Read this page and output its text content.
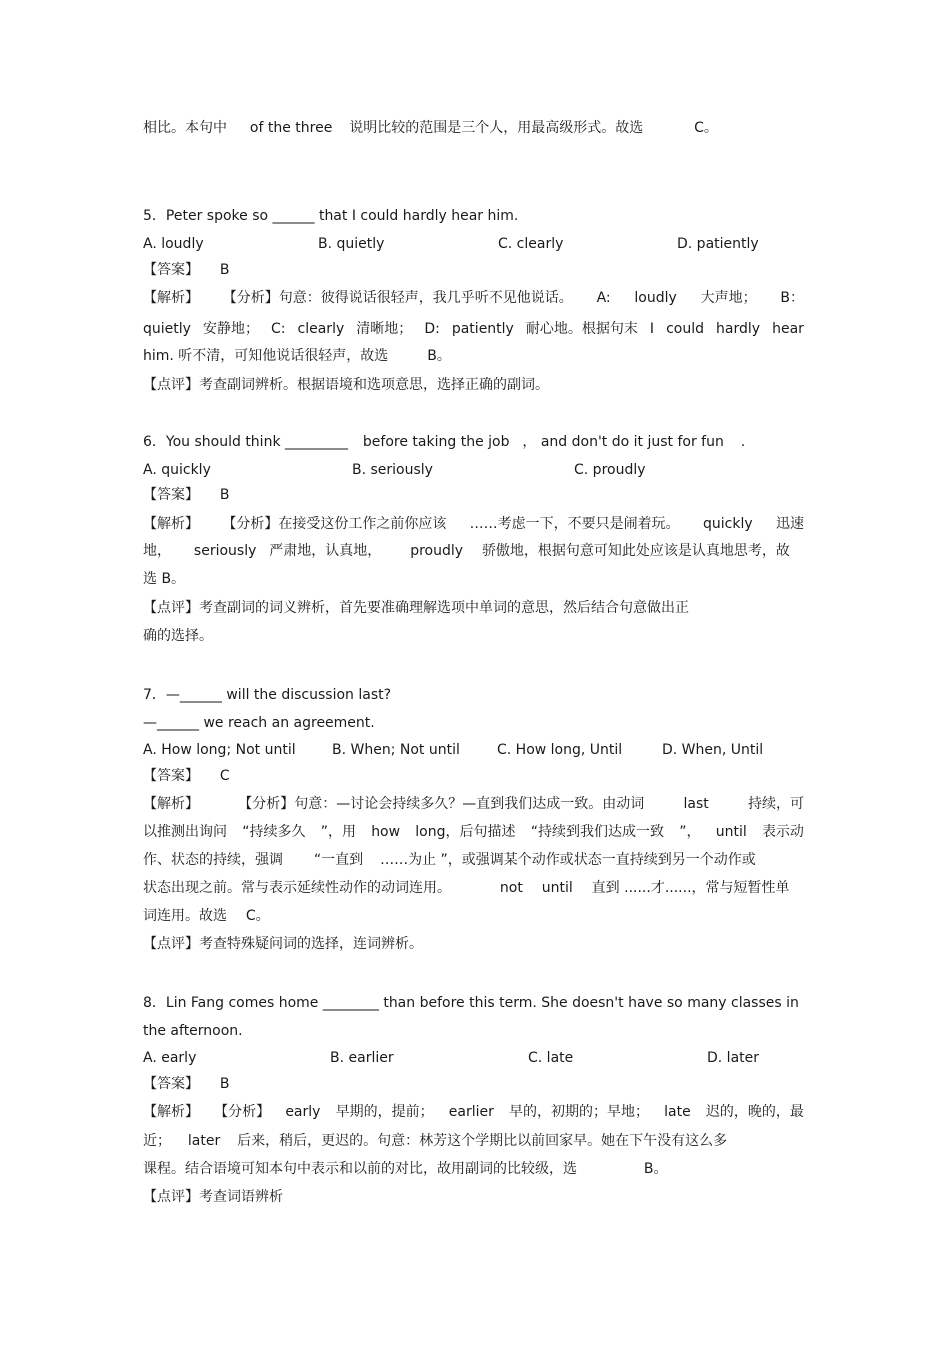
相比。本句中 of the three 说明比较的范围是三个人，用最高级形式。故选	C。
5．Peter spoke so ______ that I could hardly hear him.
A. loudly	B. quietly	C. clearly	D. patiently
【答案】 B
【解析】 【分析】句意：彼得说话很轻声，我几乎听不见他说话。 A: loudly 大声地； B：
quietly 安静地； C: clearly 清晰地； D: patiently 耐心地。根据句末 I could hardly hear
him. 听不清，可知他说话很轻声，故选	B。
【点评】考查副词辨析。根据语境和选项意思，选择正确的副词。
6．You should think _________ before taking the job ， and don't do it just for fun .
A. quickly	B. seriously	C. proudly
【答案】 B
【解析】 【分析】在接受这份工作之前你应该 ……考虑一下，不要只是闹着玩。 quickly 迅速
地， seriously 严肃地，认真地， proudly 骄傲地，根据句意可知此处应该是认真地思考，故
选 B。
【点评】考查副词的词义辨析，首先要准确理解选项中单词的意思，然后结合句意做出正
确的选择。
7．—______ will the discussion last?
—______ we reach an agreement.
A. How long; Not until	B. When; Not until	C. How long, Until	D. When, Until
【答案】 C
【解析】	【分析】句意：—讨论会持续多久？—直到我们达成一致。由动词	last	持续，可
以推测出询问 “持续多久 ”，用 how long，后句描述 “持续到我们达成一致 ”， until 表示动
作、状态的持续，强调 “一直到 ……为止 ”，或强调某个动作或状态一直持续到另一个动作或
状态出现之前。常与表示延续性动作的动词连用。	not until 直到 ......才......，常与短暂性单
词连用。故选 C。
【点评】考查特殊疑问词的选择，连词辨析。
8．Lin Fang comes home ________ than before this term. She doesn't have so many classes in
the afternoon.
A. early	B. earlier	C. late	D. later
【答案】 B
【解析】 【分析】 early 早期的，提前； earlier 早的，初期的；早地； late 迟的，晚的，最
近； later 后来，稍后，更迟的。句意：林芳这个学期比以前回家早。她在下午没有这么多
课程。结合语境可知本句中表示和以前的对比，故用副词的比较级，选	B。
【点评】考查词语辨析
